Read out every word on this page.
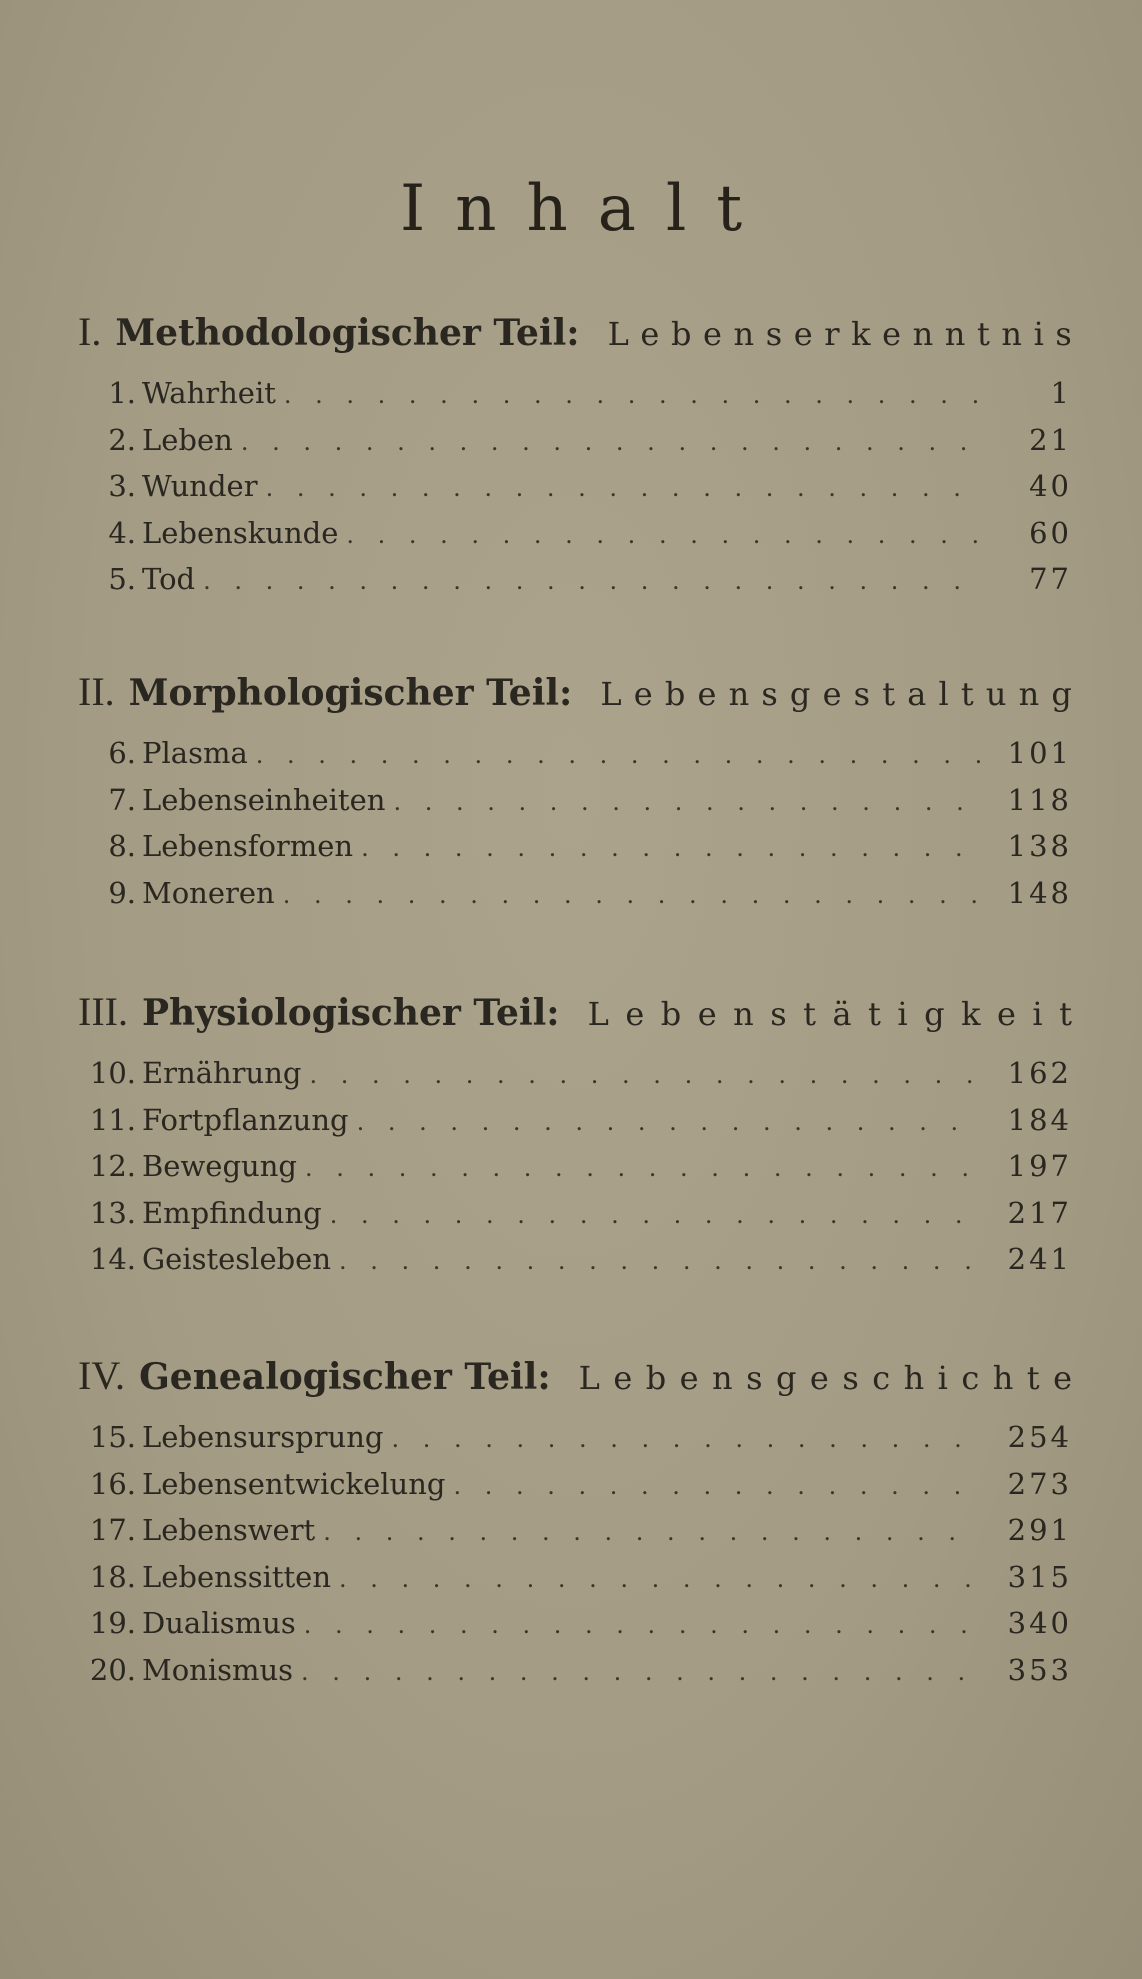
Inhalt
I. Methodologischer Teil: L e b e n s e r k e n n t n i s
1. Wahrheit . . .	1
2. Leben . . .	21
3. Wunder . . .	40
4. Lebenskunde . . .	60
5. Tod . . .	77
II. Morphologischer Teil: L e b e n s g e s t a l t u n g
6. Plasma . . .	101
7. Lebenseinheiten . . .	118
8. Lebensformen . . .	138
9. Moneren . . .	148
III. Physiologischer Teil: L e b e n s t ä t i g k e i t
10. Ernährung . . .	162
11. Fortpflanzung . . .	184
12. Bewegung . . .	197
13. Empfindung . . .	217
14. Geistesleben . . .	241
IV. Genealogischer Teil: L e b e n s g e s c h i c h t e
15. Lebensursprung . . .	254
16. Lebensentwickelung . . .	273
17. Lebenswert . . .	291
18. Lebenssitten . . .	315
19. Dualismus . . .	340
20. Monismus . . .	353
